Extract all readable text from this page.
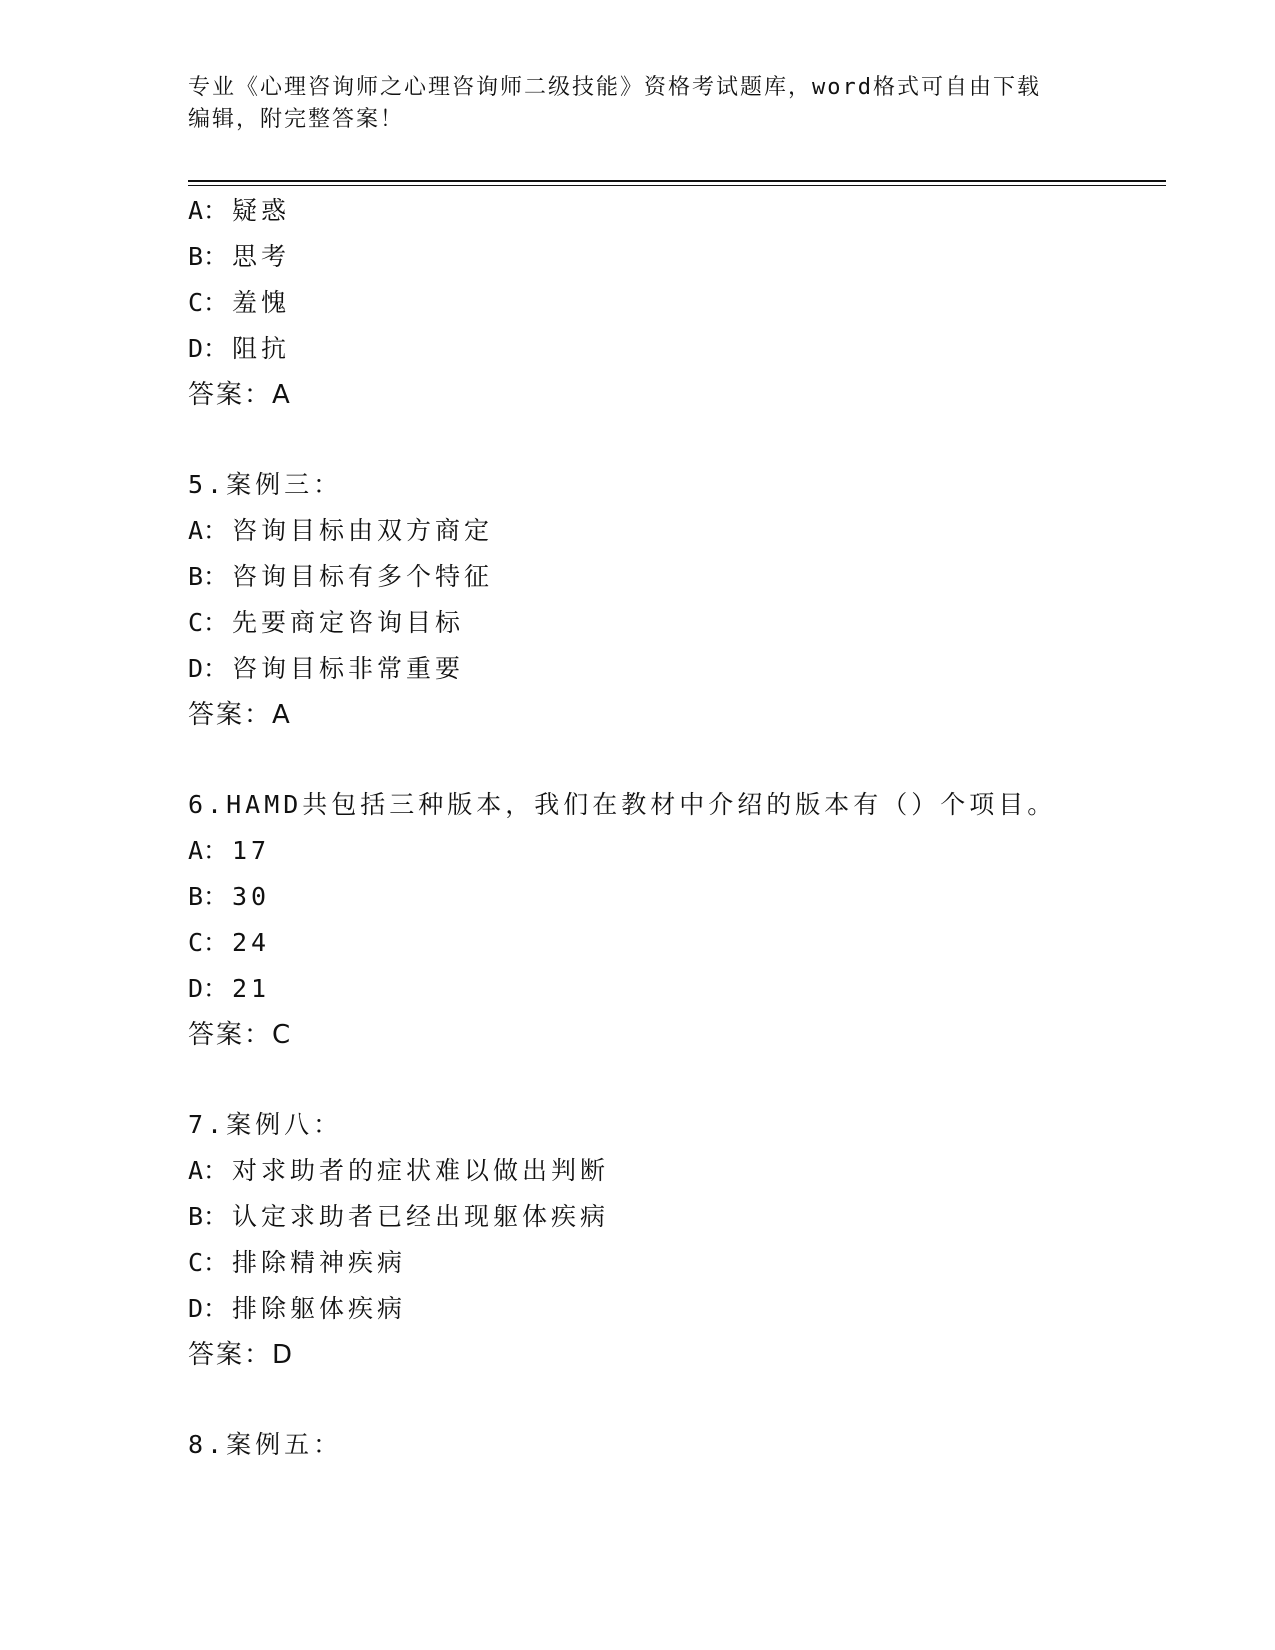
专业《心理咨询师之心理咨询师二级技能》资格考试题库，word格式可自由下载
编辑，附完整答案！
A： 疑惑
B： 思考
C： 羞愧
D： 阻抗
答案：A
5.案例三：
A： 咨询目标由双方商定
B： 咨询目标有多个特征
C： 先要商定咨询目标
D： 咨询目标非常重要
答案：A
6.HAMD共包括三种版本，我们在教材中介绍的版本有（）个项目。
A： 17
B： 30
C： 24
D： 21
答案：C
7.案例八：
A： 对求助者的症状难以做出判断
B： 认定求助者已经出现躯体疾病
C： 排除精神疾病
D： 排除躯体疾病
答案：D
8.案例五：
